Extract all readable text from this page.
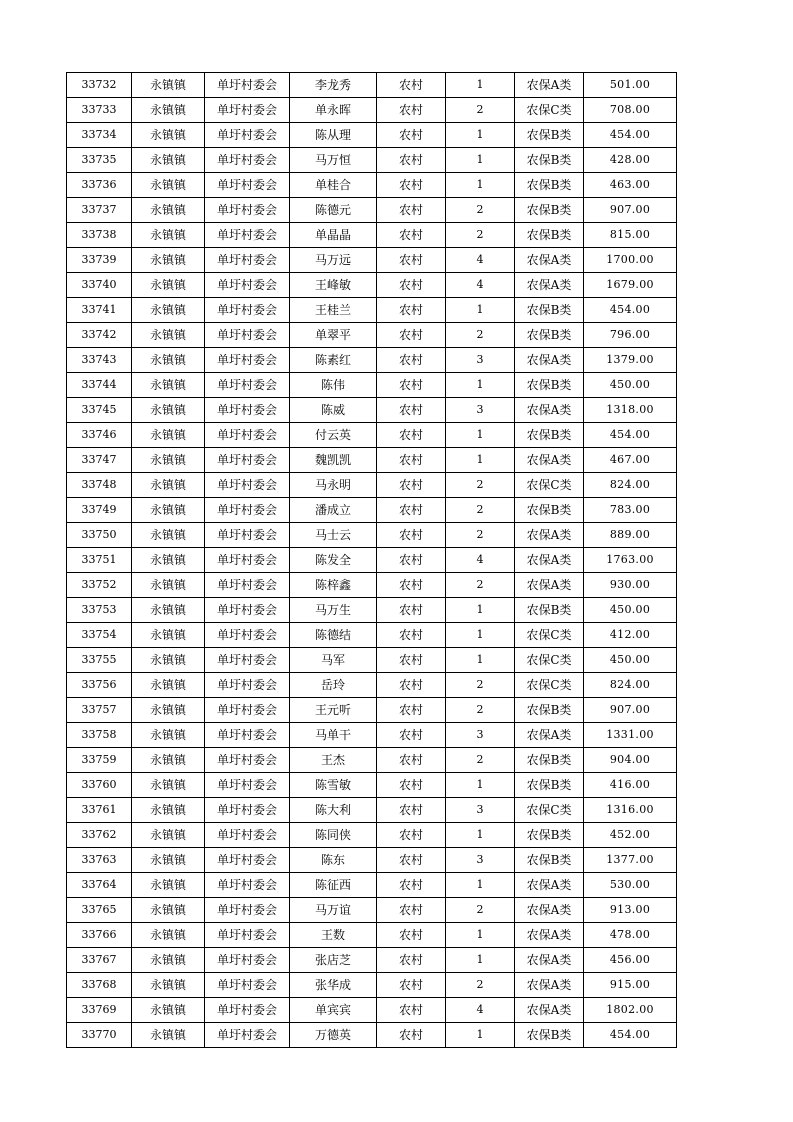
33732	永镇镇	单圩村委会	李龙秀	农村	1	农保A类	501.00
33733	永镇镇	单圩村委会	单永晖	农村	2	农保C类	708.00
33734	永镇镇	单圩村委会	陈从理	农村	1	农保B类	454.00
33735	永镇镇	单圩村委会	马万恒	农村	1	农保B类	428.00
33736	永镇镇	单圩村委会	单桂合	农村	1	农保B类	463.00
33737	永镇镇	单圩村委会	陈德元	农村	2	农保B类	907.00
33738	永镇镇	单圩村委会	单晶晶	农村	2	农保B类	815.00
33739	永镇镇	单圩村委会	马万远	农村	4	农保A类	1700.00
33740	永镇镇	单圩村委会	王峰敏	农村	4	农保A类	1679.00
33741	永镇镇	单圩村委会	王桂兰	农村	1	农保B类	454.00
33742	永镇镇	单圩村委会	单翠平	农村	2	农保B类	796.00
33743	永镇镇	单圩村委会	陈素红	农村	3	农保A类	1379.00
33744	永镇镇	单圩村委会	陈伟	农村	1	农保B类	450.00
33745	永镇镇	单圩村委会	陈威	农村	3	农保A类	1318.00
33746	永镇镇	单圩村委会	付云英	农村	1	农保B类	454.00
33747	永镇镇	单圩村委会	魏凯凯	农村	1	农保A类	467.00
33748	永镇镇	单圩村委会	马永明	农村	2	农保C类	824.00
33749	永镇镇	单圩村委会	潘成立	农村	2	农保B类	783.00
33750	永镇镇	单圩村委会	马士云	农村	2	农保A类	889.00
33751	永镇镇	单圩村委会	陈发全	农村	4	农保A类	1763.00
33752	永镇镇	单圩村委会	陈梓鑫	农村	2	农保A类	930.00
33753	永镇镇	单圩村委会	马万生	农村	1	农保B类	450.00
33754	永镇镇	单圩村委会	陈德结	农村	1	农保C类	412.00
33755	永镇镇	单圩村委会	马军	农村	1	农保C类	450.00
33756	永镇镇	单圩村委会	岳玲	农村	2	农保C类	824.00
33757	永镇镇	单圩村委会	王元听	农村	2	农保B类	907.00
33758	永镇镇	单圩村委会	马单干	农村	3	农保A类	1331.00
33759	永镇镇	单圩村委会	王杰	农村	2	农保B类	904.00
33760	永镇镇	单圩村委会	陈雪敏	农村	1	农保B类	416.00
33761	永镇镇	单圩村委会	陈大利	农村	3	农保C类	1316.00
33762	永镇镇	单圩村委会	陈同侠	农村	1	农保B类	452.00
33763	永镇镇	单圩村委会	陈东	农村	3	农保B类	1377.00
33764	永镇镇	单圩村委会	陈征西	农村	1	农保A类	530.00
33765	永镇镇	单圩村委会	马万谊	农村	2	农保A类	913.00
33766	永镇镇	单圩村委会	王数	农村	1	农保A类	478.00
33767	永镇镇	单圩村委会	张店芝	农村	1	农保A类	456.00
33768	永镇镇	单圩村委会	张华成	农村	2	农保A类	915.00
33769	永镇镇	单圩村委会	单宾宾	农村	4	农保A类	1802.00
33770	永镇镇	单圩村委会	万德英	农村	1	农保B类	454.00
